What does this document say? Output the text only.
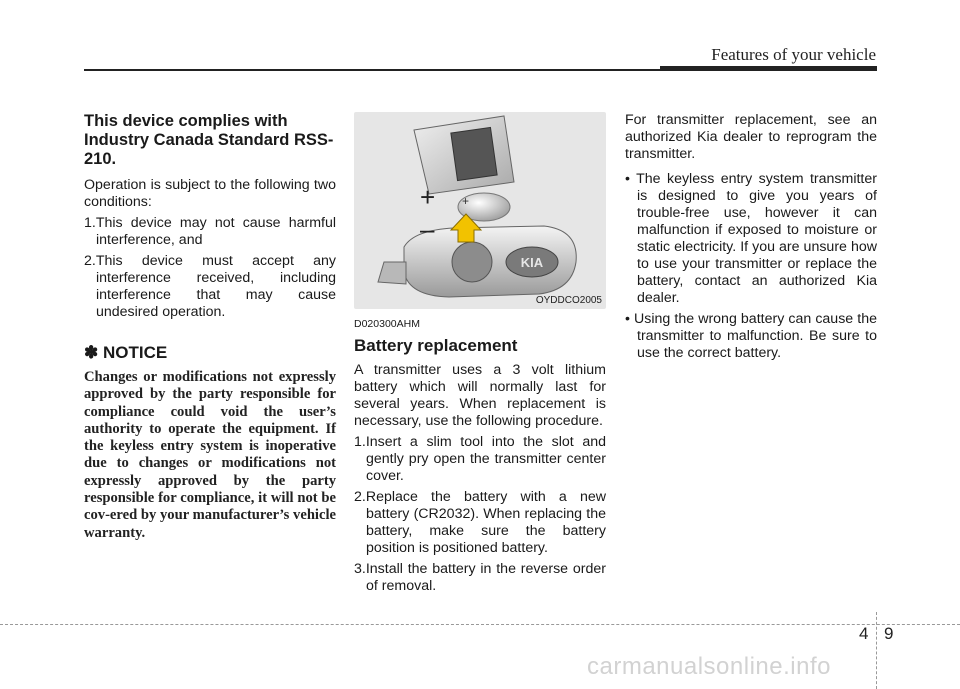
Features of your vehicle
This device complies with Industry Canada Standard RSS-210.

Operation is subject to the following two conditions:

1.This device may not cause harmful interference, and
2.This device must accept any interference received, including interference that may cause undesired operation.
✽ NOTICE
Changes or modifications not expressly approved by the party responsible for compliance could void the user’s authority to operate the equipment. If the keyless entry system is inoperative due to changes or modifications not expressly approved by the party responsible for compliance, it will not be cov-ered by your manufacturer’s vehicle warranty.
KIA
+
+
–
OYDDCO2005
D020300AHM
Battery replacement

A transmitter uses a 3 volt lithium battery which will normally last for several years. When replacement is necessary, use the following procedure.

1.Insert a slim tool into the slot and gently pry open the transmitter center cover.
2.Replace the battery with a new battery (CR2032). When replacing the battery, make sure the battery position is positioned battery.
3.Install the battery in the reverse order of removal.

For transmitter replacement, see an authorized Kia dealer to reprogram the transmitter.

• The keyless entry system transmitter is designed to give you years of trouble-free use, however it can malfunction if exposed to moisture or static electricity. If you are unsure how to use your transmitter or replace the battery, contact an authorized Kia dealer.
• Using the wrong battery can cause the transmitter to malfunction. Be sure to use the correct battery.
4 9
carmanualsonline.info
